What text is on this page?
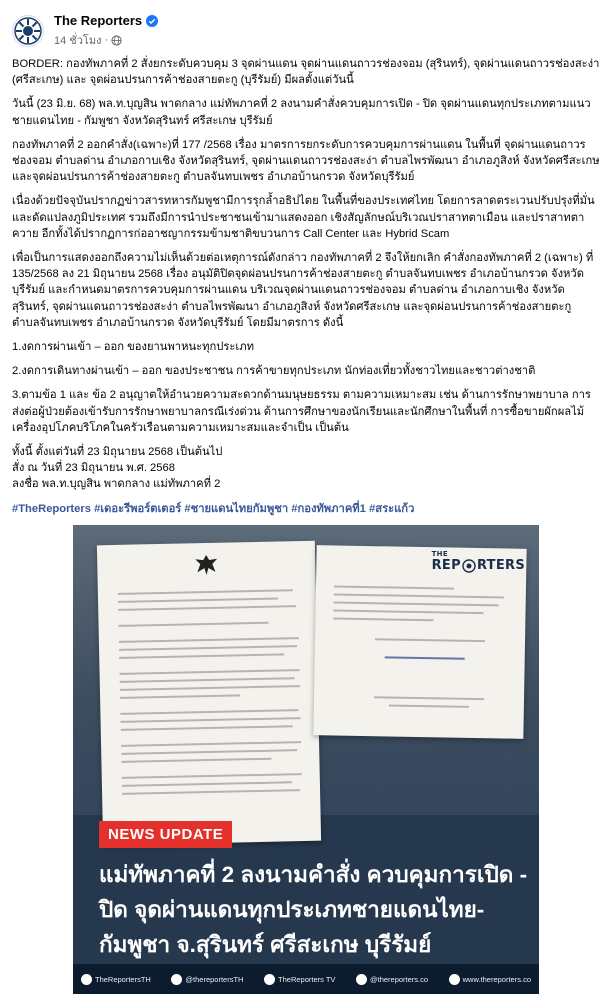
The Reporters
14 ชั่วโมง ·

BORDER: กองทัพภาคที่ 2 สั่งยกระดับควบคุม 3 จุดผ่านแดน จุดผ่านแดนถาวรช่องจอม (สุรินทร์), จุดผ่านแดนถาวรช่องสะง่า (ศรีสะเกษ) และ จุดผ่อนปรนการค้าช่องสายตะกู (บุรีรัมย์) มีผลตั้งแต่วันนี้

วันนี้ (23 มิ.ย. 68) พล.ท.บุญสิน พาดกลาง แม่ทัพภาคที่ 2 ลงนามคำสั่งควบคุมการเปิด - ปิด จุดผ่านแดนทุกประเภทตามแนวชายแดนไทย - กัมพูชา จังหวัดสุรินทร์ ศรีสะเกษ บุรีรัมย์

กองทัพภาคที่ 2 ออกคำสั่ง(เฉพาะ)ที่ 177 /2568 เรื่อง มาตรการยกระดับการควบคุมการผ่านแดน ในพื้นที่ จุดผ่านแดนถาวรช่องจอม ตำบลด่าน อำเภอกาบเชิง จังหวัดสุรินทร์, จุดผ่านแดนถาวรช่องสะง่า ตำบลไพรพัฒนา อำเภอภูสิงห์ จังหวัดศรีสะเกษ และจุดผ่อนปรนการค้าช่องสายตะกู ตำบลจันทบเพชร อำเภอบ้านกรวด จังหวัดบุรีรัมย์

เนื่องด้วยปัจจุบันปรากฏข่าวสารทหารกัมพูชามีการรุกล้ำอธิปไตย ในพื้นที่ของประเทศไทย โดยการลาดตระเวนปรับปรุงที่มั่น และดัดแปลงภูมิประเทศ รวมถึงมีการนำประชาชนเข้ามาแสดงออก เชิงสัญลักษณ์บริเวณปราสาทตาเมือน และปราสาทตาควาย อีกทั้งได้ปรากฏการก่ออาชญากรรมข้ามชาติขบวนการ Call Center และ Hybrid Scam

เพื่อเป็นการแสดงออกถึงความไม่เห็นด้วยต่อเหตุการณ์ดังกล่าว กองทัพภาคที่ 2 จึงให้ยกเลิก คำสั่งกองทัพภาคที่ 2 (เฉพาะ) ที่ 135/2568 ลง 21 มิถุนายน 2568 เรื่อง อนุมัติปิดจุดผ่อนปรนการค้าช่องสายตะกู ตำบลจันทบเพชร อำเภอบ้านกรวด จังหวัดบุรีรัมย์ และกำหนดมาตรการควบคุมการผ่านแดน บริเวณจุดผ่านแดนถาวรช่องจอม ตำบลด่าน อำเภอกาบเชิง จังหวัดสุรินทร์, จุดผ่านแดนถาวรช่องสะง่า ตำบลไพรพัฒนา อำเภอภูสิงห์ จังหวัดศรีสะเกษ และจุดผ่อนปรนการค้าช่องสายตะกู ตำบลจันทบเพชร อำเภอบ้านกรวด จังหวัดบุรีรัมย์ โดยมีมาตรการ ดังนี้

1.งดการผ่านเข้า – ออก ของยานพาหนะทุกประเภท

2.งดการเดินทางผ่านเข้า – ออก ของประชาชน การค้าขายทุกประเภท นักท่องเที่ยวทั้งชาวไทยและชาวต่างชาติ

3.ตามข้อ 1 และ ข้อ 2 อนุญาตให้อำนวยความสะดวกด้านมนุษยธรรม ตามความเหมาะสม เช่น ด้านการรักษาพยาบาล การส่งต่อผู้ป่วยต้องเข้ารับการรักษาพยาบาลกรณีเร่งด่วน ด้านการศึกษาของนักเรียนและนักศึกษาในพื้นที่ การซื้อขายผักผลไม้ เครื่องอุปโภคบริโภคในครัวเรือนตามความเหมาะสมและจำเป็น เป็นต้น

ทั้งนี้ ตั้งแต่วันที่ 23 มิถุนายน 2568 เป็นต้นไป
สั่ง ณ วันที่ 23 มิถุนายน พ.ศ. 2568
ลงชื่อ พล.ท.บุญสิน พาดกลาง แม่ทัพภาคที่ 2

#TheReporters #เดอะรีพอร์ตเตอร์ #ชายแดนไทยกัมพูชา #กองทัพภาคที่1 #สระแก้ว

THE
REP RTERS
NEWS UPDATE
แม่ทัพภาคที่ 2 ลงนามคำสั่ง ควบคุมการเปิด - ปิด จุดผ่านแดนทุกประเภทชายแดนไทย-กัมพูชา จ.สุรินทร์ ศรีสะเกษ บุรีรัมย์
TheReportersTH	@thereportersTH	TheReporters TV	@thereporters.co	www.thereporters.co
